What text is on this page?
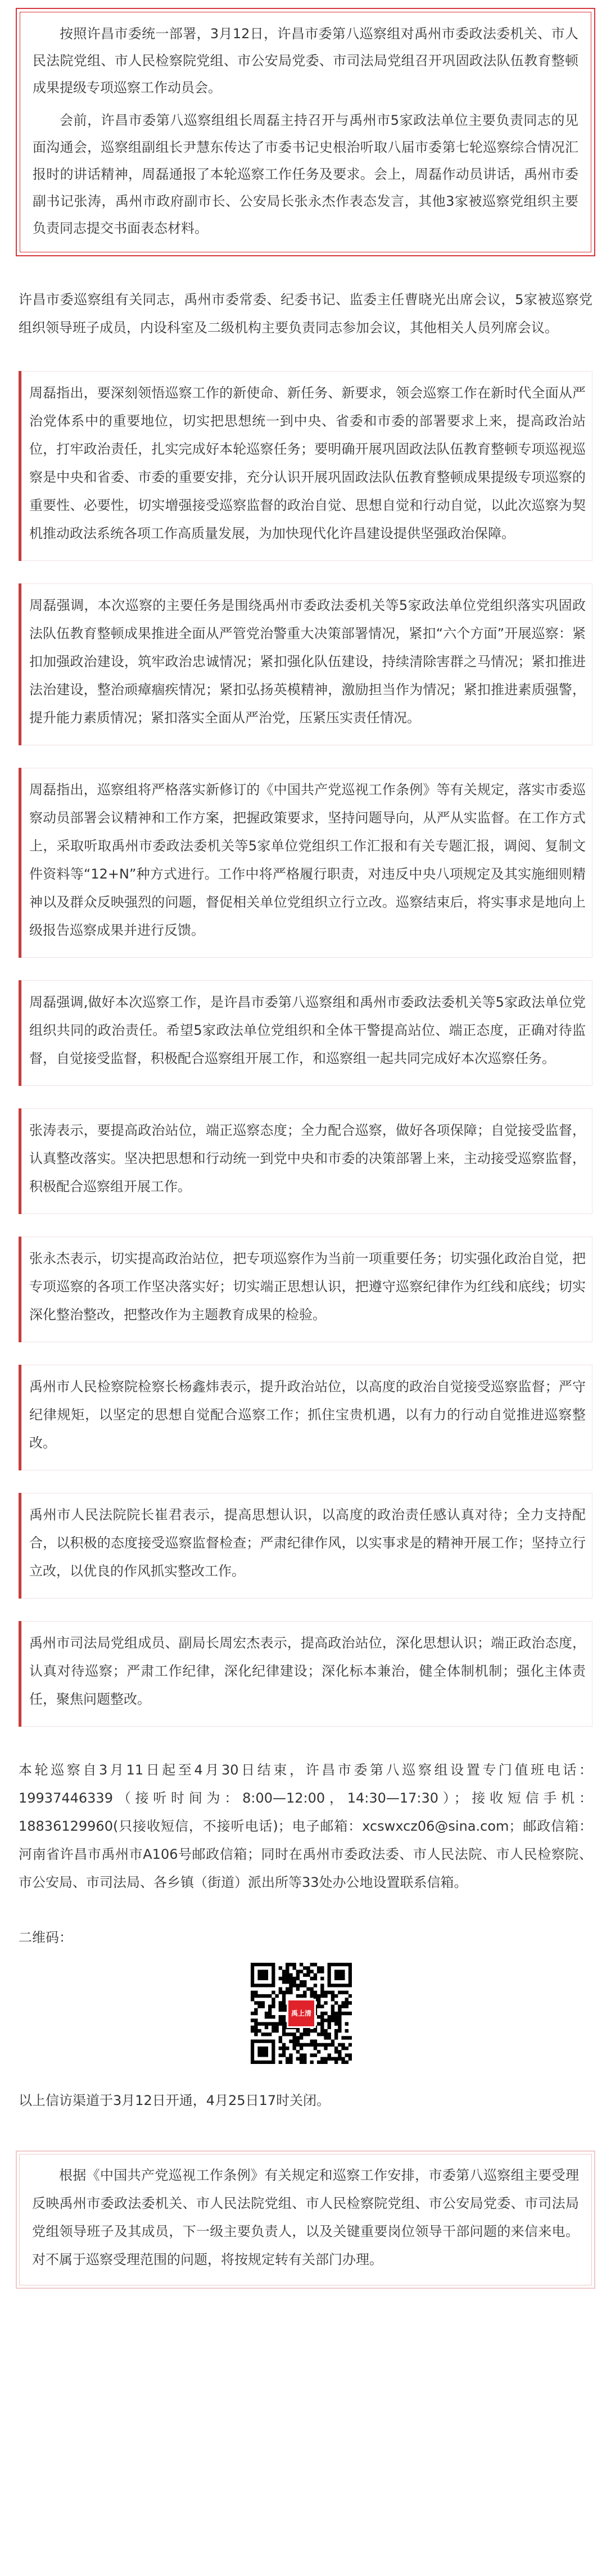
按照许昌市委统一部署，3月12日，许昌市委第八巡察组对禹州市委政法委机关、市人民法院党组、市人民检察院党组、市公安局党委、市司法局党组召开巩固政法队伍教育整顿成果提级专项巡察工作动员会。

会前，许昌市委第八巡察组组长周磊主持召开与禹州市5家政法单位主要负责同志的见面沟通会，巡察组副组长尹慧东传达了市委书记史根治听取八届市委第七轮巡察综合情况汇报时的讲话精神，周磊通报了本轮巡察工作任务及要求。会上，周磊作动员讲话，禹州市委副书记张涛，禹州市政府副市长、公安局长张永杰作表态发言，其他3家被巡察党组织主要负责同志提交书面表态材料。

许昌市委巡察组有关同志，禹州市委常委、纪委书记、监委主任曹晓光出席会议，5家被巡察党组织领导班子成员，内设科室及二级机构主要负责同志参加会议，其他相关人员列席会议。

周磊指出，要深刻领悟巡察工作的新使命、新任务、新要求，领会巡察工作在新时代全面从严治党体系中的重要地位，切实把思想统一到中央、省委和市委的部署要求上来，提高政治站位，打牢政治责任，扎实完成好本轮巡察任务；要明确开展巩固政法队伍教育整顿专项巡视巡察是中央和省委、市委的重要安排，充分认识开展巩固政法队伍教育整顿成果提级专项巡察的重要性、必要性，切实增强接受巡察监督的政治自觉、思想自觉和行动自觉，以此次巡察为契机推动政法系统各项工作高质量发展，为加快现代化许昌建设提供坚强政治保障。

周磊强调，本次巡察的主要任务是围绕禹州市委政法委机关等5家政法单位党组织落实巩固政法队伍教育整顿成果推进全面从严管党治警重大决策部署情况，紧扣“六个方面”开展巡察：紧扣加强政治建设，筑牢政治忠诚情况；紧扣强化队伍建设，持续清除害群之马情况；紧扣推进法治建设，整治顽瘴痼疾情况；紧扣弘扬英模精神，激励担当作为情况；紧扣推进素质强警，提升能力素质情况；紧扣落实全面从严治党，压紧压实责任情况。

周磊指出，巡察组将严格落实新修订的《中国共产党巡视工作条例》等有关规定，落实市委巡察动员部署会议精神和工作方案，把握政策要求，坚持问题导向，从严从实监督。在工作方式上，采取听取禹州市委政法委机关等5家单位党组织工作汇报和有关专题汇报，调阅、复制文件资料等“12+N”种方式进行。工作中将严格履行职责，对违反中央八项规定及其实施细则精神以及群众反映强烈的问题，督促相关单位党组织立行立改。巡察结束后，将实事求是地向上级报告巡察成果并进行反馈。

周磊强调,做好本次巡察工作，是许昌市委第八巡察组和禹州市委政法委机关等5家政法单位党组织共同的政治责任。希望5家政法单位党组织和全体干警提高站位、端正态度，正确对待监督，自觉接受监督，积极配合巡察组开展工作，和巡察组一起共同完成好本次巡察任务。

张涛表示，要提高政治站位，端正巡察态度；全力配合巡察，做好各项保障；自觉接受监督，认真整改落实。坚决把思想和行动统一到党中央和市委的决策部署上来，主动接受巡察监督，积极配合巡察组开展工作。

张永杰表示，切实提高政治站位，把专项巡察作为当前一项重要任务；切实强化政治自觉，把专项巡察的各项工作坚决落实好；切实端正思想认识，把遵守巡察纪律作为红线和底线；切实深化整治整改，把整改作为主题教育成果的检验。

禹州市人民检察院检察长杨鑫炜表示，提升政治站位，以高度的政治自觉接受巡察监督；严守纪律规矩，以坚定的思想自觉配合巡察工作；抓住宝贵机遇，以有力的行动自觉推进巡察整改。

禹州市人民法院院长崔君表示，提高思想认识，以高度的政治责任感认真对待；全力支持配合，以积极的态度接受巡察监督检查；严肃纪律作风，以实事求是的精神开展工作；坚持立行立改，以优良的作风抓实整改工作。

禹州市司法局党组成员、副局长周宏杰表示，提高政治站位，深化思想认识；端正政治态度，认真对待巡察；严肃工作纪律，深化纪律建设；深化标本兼治，健全体制机制；强化主体责任，聚焦问题整改。

本轮巡察自3月11日起至4月30日结束，许昌市委第八巡察组设置专门值班电话：19937446339（接听时间为：8:00—12:00，14:30—17:30）；接收短信手机：18836129960(只接收短信，不接听电话)；电子邮箱：xcswxcz06@sina.com；邮政信箱：河南省许昌市禹州市A106号邮政信箱；同时在禹州市委政法委、市人民法院、市人民检察院、市公安局、市司法局、各乡镇（街道）派出所等33处办公地设置联系信箱。

二维码：

禹上清

以上信访渠道于3月12日开通，4月25日17时关闭。

根据《中国共产党巡视工作条例》有关规定和巡察工作安排，市委第八巡察组主要受理反映禹州市委政法委机关、市人民法院党组、市人民检察院党组、市公安局党委、市司法局党组领导班子及其成员，下一级主要负责人，以及关键重要岗位领导干部问题的来信来电。对不属于巡察受理范围的问题，将按规定转有关部门办理。
